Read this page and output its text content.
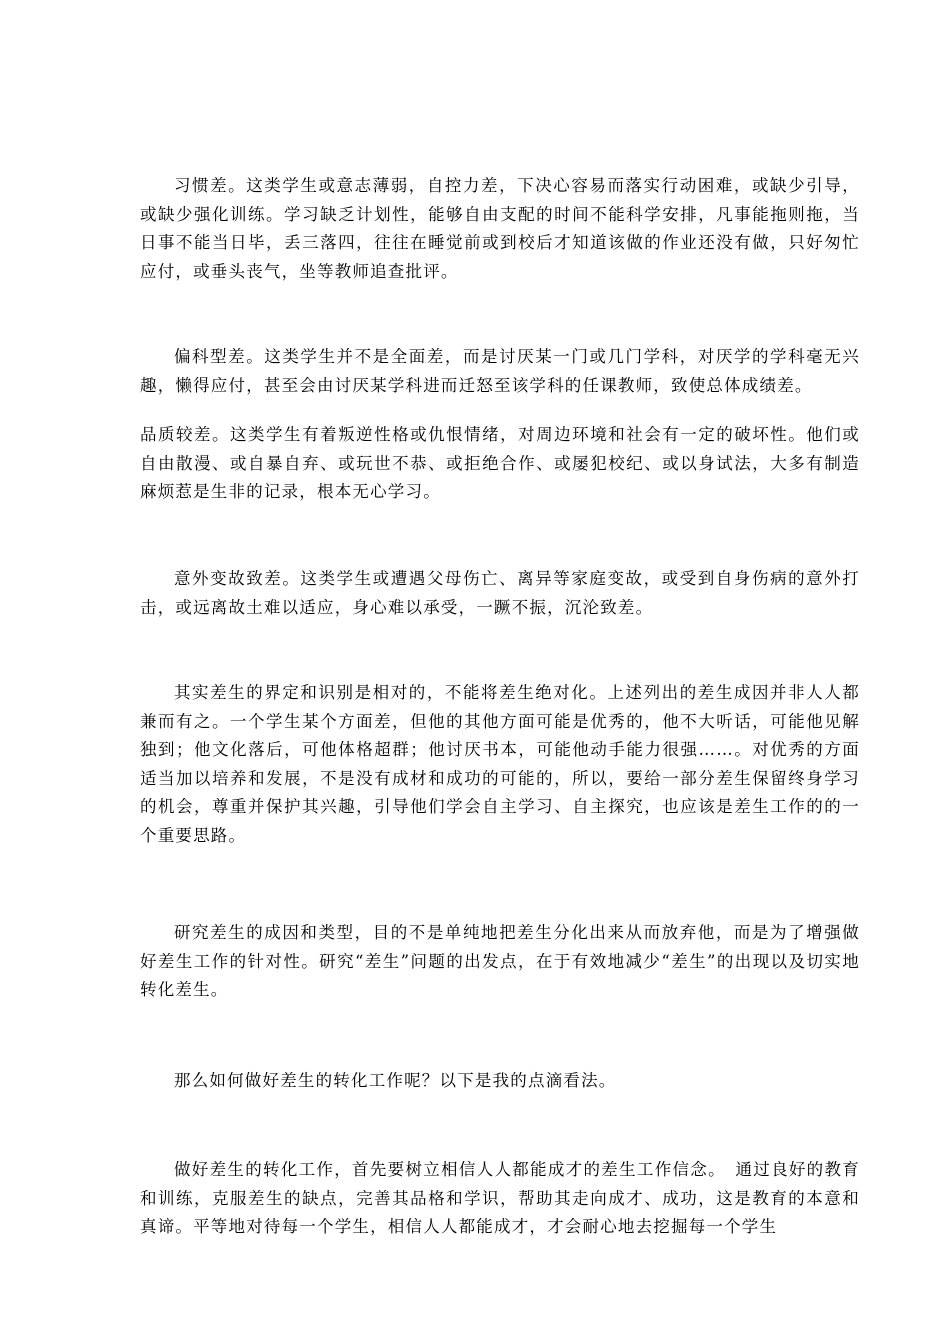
习惯差。这类学生或意志薄弱，自控力差，下决心容易而落实行动困难，或缺少引导，或缺少强化训练。学习缺乏计划性，能够自由支配的时间不能科学安排，凡事能拖则拖，当日事不能当日毕，丢三落四，往往在睡觉前或到校后才知道该做的作业还没有做，只好匆忙应付，或垂头丧气，坐等教师追查批评。

偏科型差。这类学生并不是全面差，而是讨厌某一门或几门学科，对厌学的学科毫无兴趣，懒得应付，甚至会由讨厌某学科进而迁怒至该学科的任课教师，致使总体成绩差。

品质较差。这类学生有着叛逆性格或仇恨情绪，对周边环境和社会有一定的破坏性。他们或自由散漫、或自暴自弃、或玩世不恭、或拒绝合作、或屡犯校纪、或以身试法，大多有制造麻烦惹是生非的记录，根本无心学习。

意外变故致差。这类学生或遭遇父母伤亡、离异等家庭变故，或受到自身伤病的意外打击，或远离故土难以适应，身心难以承受，一蹶不振，沉沦致差。

其实差生的界定和识别是相对的，不能将差生绝对化。上述列出的差生成因并非人人都兼而有之。一个学生某个方面差，但他的其他方面可能是优秀的，他不大听话，可能他见解独到；他文化落后，可他体格超群；他讨厌书本，可能他动手能力很强……。对优秀的方面适当加以培养和发展，不是没有成材和成功的可能的，所以，要给一部分差生保留终身学习的机会，尊重并保护其兴趣，引导他们学会自主学习、自主探究，也应该是差生工作的的一个重要思路。

研究差生的成因和类型，目的不是单纯地把差生分化出来从而放弃他，而是为了增强做好差生工作的针对性。研究“差生”问题的出发点，在于有效地减少“差生”的出现以及切实地转化差生。

那么如何做好差生的转化工作呢？以下是我的点滴看法。

做好差生的转化工作，首先要树立相信人人都能成才的差生工作信念。　通过良好的教育和训练，克服差生的缺点，完善其品格和学识，帮助其走向成才、成功，这是教育的本意和真谛。平等地对待每一个学生，相信人人都能成才，才会耐心地去挖掘每一个学生
